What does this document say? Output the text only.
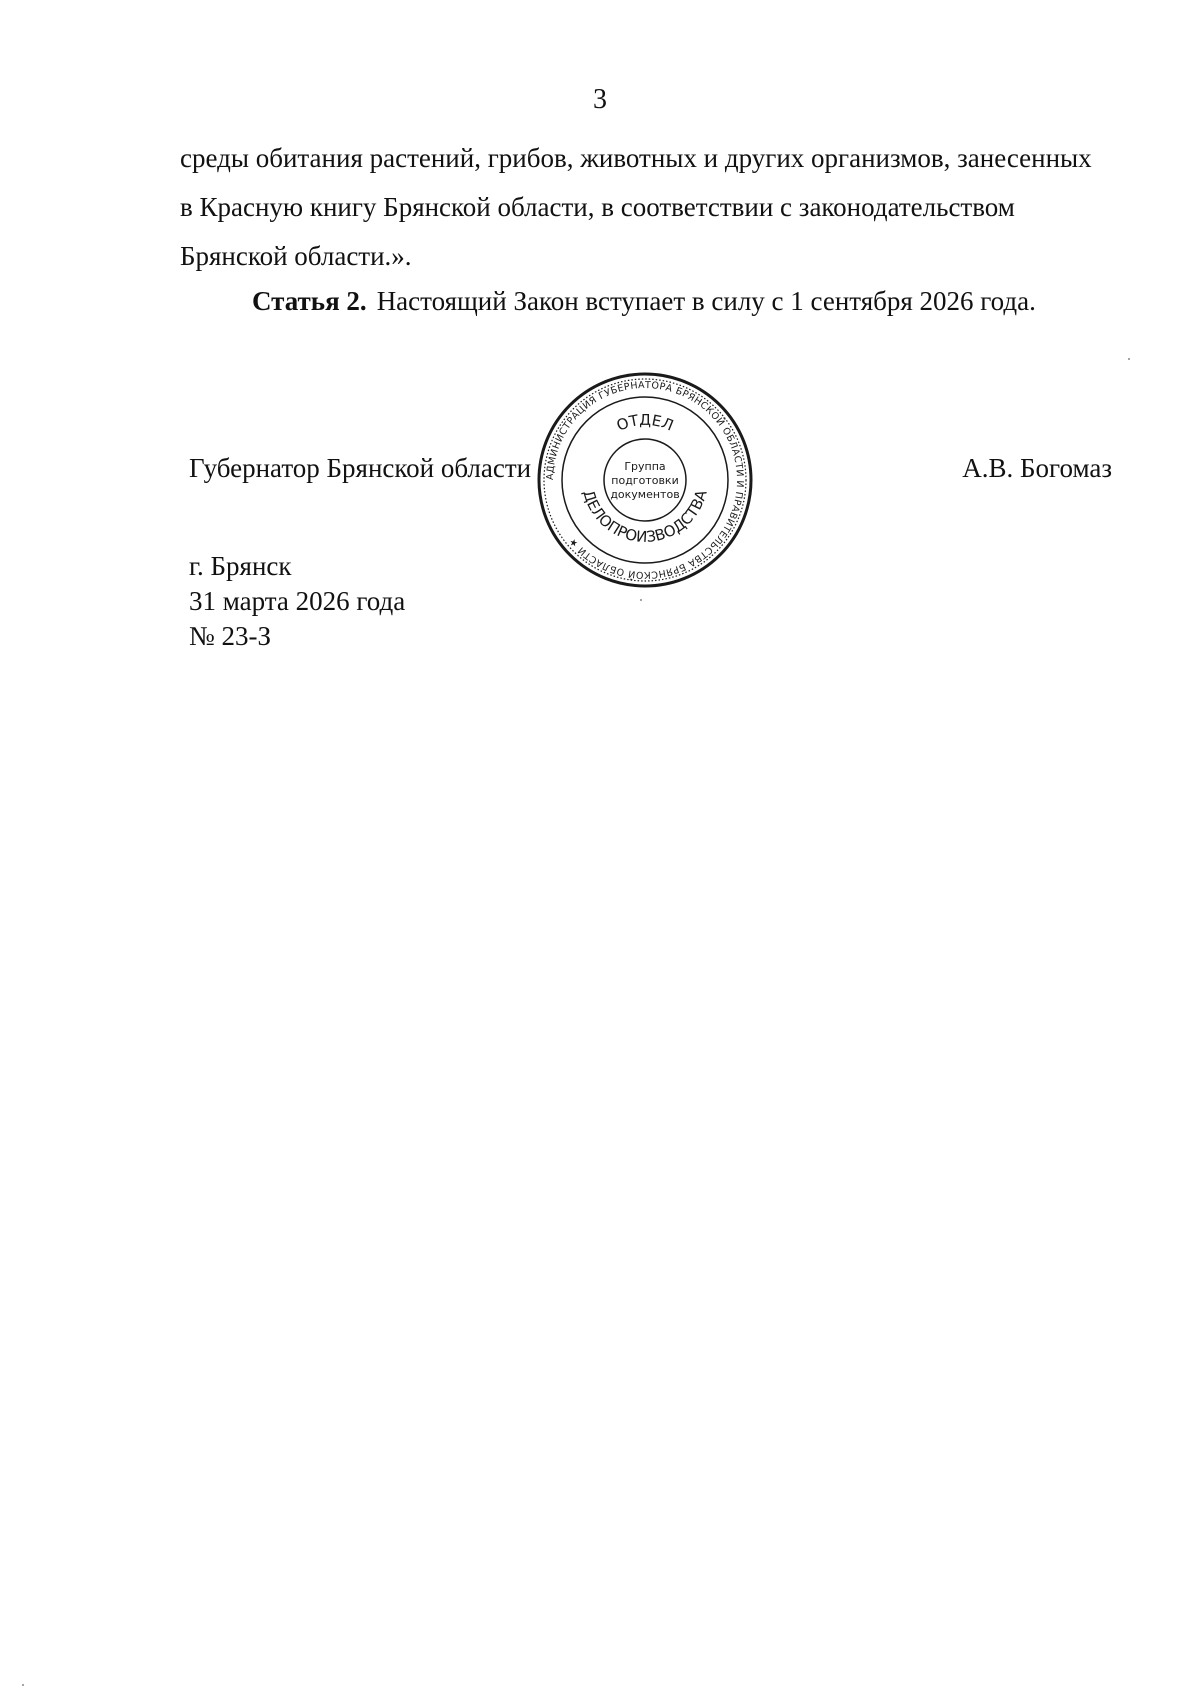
3
среды обитания растений, грибов, животных и других организмов, занесенных
в Красную книгу Брянской области, в соответствии с законодательством
Брянской области.».
Статья 2. Настоящий Закон вступает в силу с 1 сентября 2026 года.
Губернатор Брянской области	А.В. Богомаз
АДМИНИСТРАЦИЯ ГУБЕРНАТОРА БРЯНСКОЙ ОБЛАСТИ И ПРАВИТЕЛЬСТВА БРЯНСКОЙ ОБЛАСТИ ★
ОТДЕЛ
ДЕЛОПРОИЗВОДСТВА
Группа
подготовки
документов
г. Брянск
31 марта 2026 года
№ 23-З
